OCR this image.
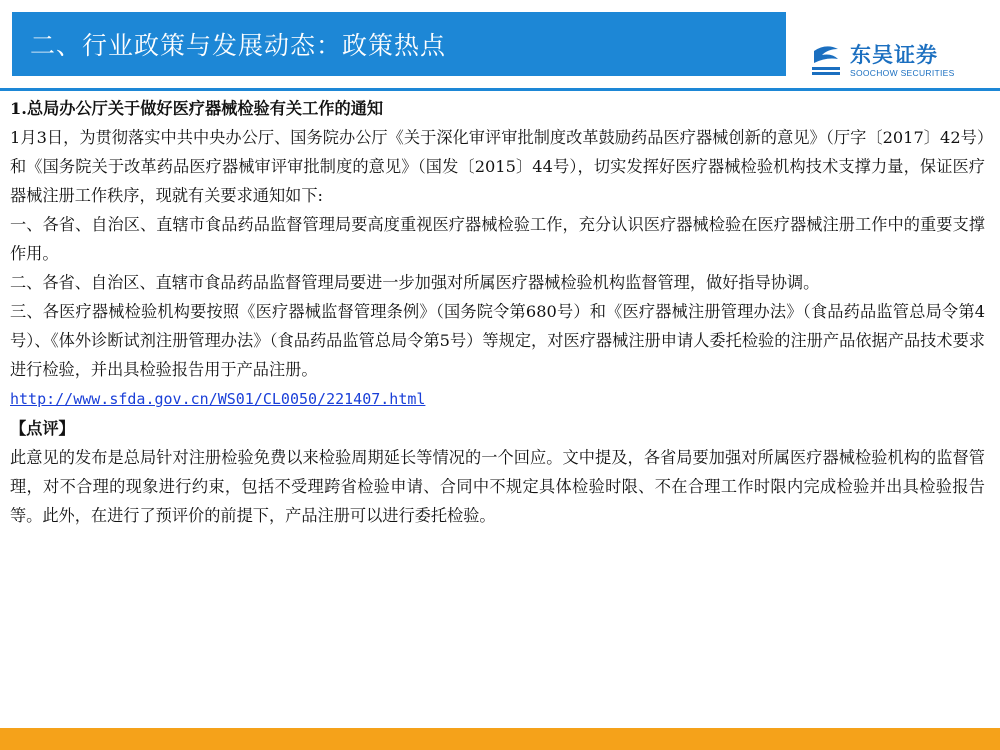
二、行业政策与发展动态：政策热点	东吴证券
SOOCHOW SECURITIES

1.总局办公厅关于做好医疗器械检验有关工作的通知

1月3日，为贯彻落实中共中央办公厅、国务院办公厅《关于深化审评审批制度改革鼓励药品医疗器械创新的意见》（厅字〔2017〕42号）和《国务院关于改革药品医疗器械审评审批制度的意见》（国发〔2015〕44号），切实发挥好医疗器械检验机构技术支撑力量，保证医疗器械注册工作秩序，现就有关要求通知如下:

一、各省、自治区、直辖市食品药品监督管理局要高度重视医疗器械检验工作，充分认识医疗器械检验在医疗器械注册工作中的重要支撑作用。

二、各省、自治区、直辖市食品药品监督管理局要进一步加强对所属医疗器械检验机构监督管理，做好指导协调。

三、各医疗器械检验机构要按照《医疗器械监督管理条例》（国务院令第680号）和《医疗器械注册管理办法》（食品药品监管总局令第4号）、《体外诊断试剂注册管理办法》（食品药品监管总局令第5号）等规定，对医疗器械注册申请人委托检验的注册产品依据产品技术要求进行检验，并出具检验报告用于产品注册。

http://www.sfda.gov.cn/WS01/CL0050/221407.html

【点评】

此意见的发布是总局针对注册检验免费以来检验周期延长等情况的一个回应。文中提及，各省局要加强对所属医疗器械检验机构的监督管理，对不合理的现象进行约束，包括不受理跨省检验申请、合同中不规定具体检验时限、不在合理工作时限内完成检验并出具检验报告等。此外，在进行了预评价的前提下，产品注册可以进行委托检验。
